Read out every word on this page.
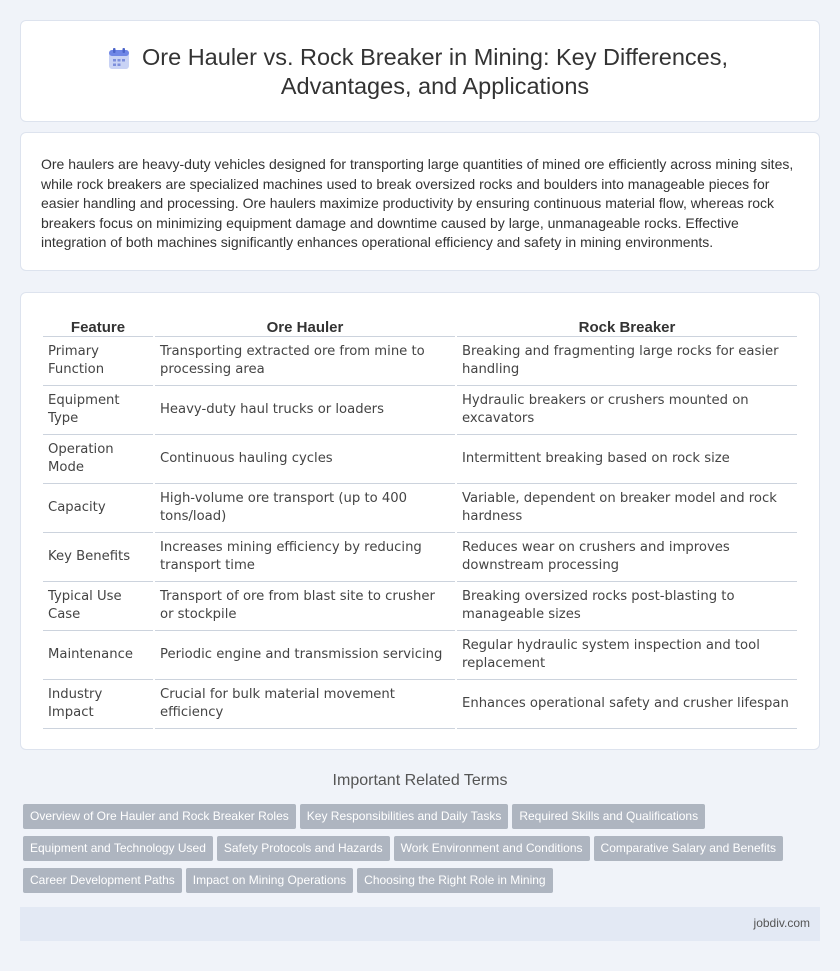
Ore Hauler vs. Rock Breaker in Mining: Key Differences, Advantages, and Applications

Ore haulers are heavy-duty vehicles designed for transporting large quantities of mined ore efficiently across mining sites, while rock breakers are specialized machines used to break oversized rocks and boulders into manageable pieces for easier handling and processing. Ore haulers maximize productivity by ensuring continuous material flow, whereas rock breakers focus on minimizing equipment damage and downtime caused by large, unmanageable rocks. Effective integration of both machines significantly enhances operational efficiency and safety in mining environments.

Feature	Ore Hauler	Rock Breaker
Primary Function	Transporting extracted ore from mine to processing area	Breaking and fragmenting large rocks for easier handling
Equipment Type	Heavy-duty haul trucks or loaders	Hydraulic breakers or crushers mounted on excavators
Operation Mode	Continuous hauling cycles	Intermittent breaking based on rock size
Capacity	High-volume ore transport (up to 400 tons/load)	Variable, dependent on breaker model and rock hardness
Key Benefits	Increases mining efficiency by reducing transport time	Reduces wear on crushers and improves downstream processing
Typical Use Case	Transport of ore from blast site to crusher or stockpile	Breaking oversized rocks post-blasting to manageable sizes
Maintenance	Periodic engine and transmission servicing	Regular hydraulic system inspection and tool replacement
Industry Impact	Crucial for bulk material movement efficiency	Enhances operational safety and crusher lifespan
Important Related Terms
Overview of Ore Hauler and Rock Breaker Roles Key Responsibilities and Daily Tasks Required Skills and Qualifications
Equipment and Technology Used Safety Protocols and Hazards Work Environment and Conditions Comparative Salary and Benefits
Career Development Paths Impact on Mining Operations Choosing the Right Role in Mining
jobdiv.com
